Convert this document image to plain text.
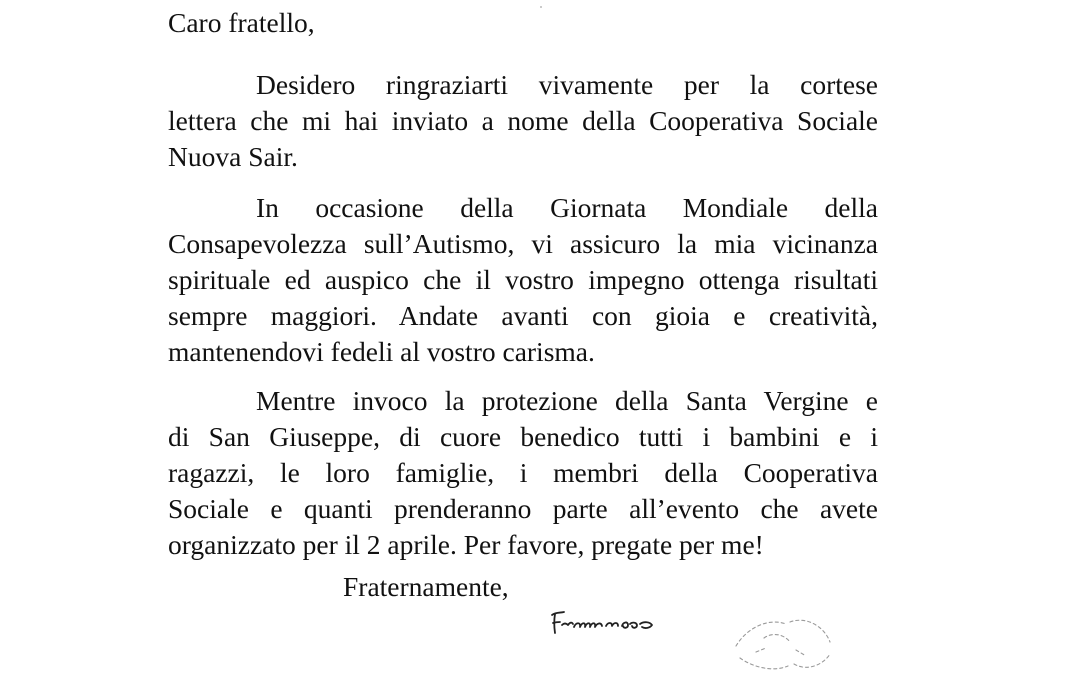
Caro fratello,

Desidero ringraziarti vivamente per la cortese
lettera che mi hai inviato a nome della Cooperativa Sociale
Nuova Sair.
In occasione della Giornata Mondiale della
Consapevolezza sull’Autismo, vi assicuro la mia vicinanza
spirituale ed auspico che il vostro impegno ottenga risultati
sempre maggiori. Andate avanti con gioia e creatività,
mantenendovi fedeli al vostro carisma.
Mentre invoco la protezione della Santa Vergine e
di San Giuseppe, di cuore benedico tutti i bambini e i
ragazzi, le loro famiglie, i membri della Cooperativa
Sociale e quanti prenderanno parte all’evento che avete
organizzato per il 2 aprile. Per favore, pregate per me!

Fraternamente,
